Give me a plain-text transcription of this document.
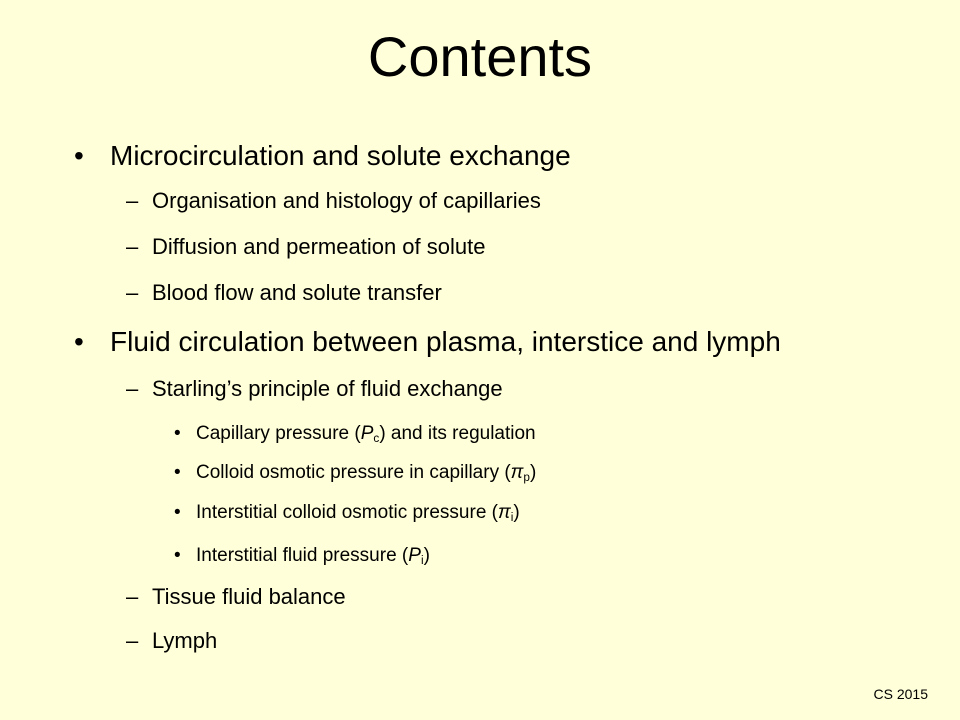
Contents
• Microcirculation and solute exchange
– Organisation and histology of capillaries
– Diffusion and permeation of solute
– Blood flow and solute transfer
• Fluid circulation between plasma, interstice and lymph
– Starling’s principle of fluid exchange
• Capillary pressure $(P_c)$ and its regulation
• Colloid osmotic pressure in capillary $(\pi_p)$
• Interstitial colloid osmotic pressure $(\pi_i)$
• Interstitial fluid pressure $(P_i)$
– Tissue fluid balance
– Lymph
CS 2015
